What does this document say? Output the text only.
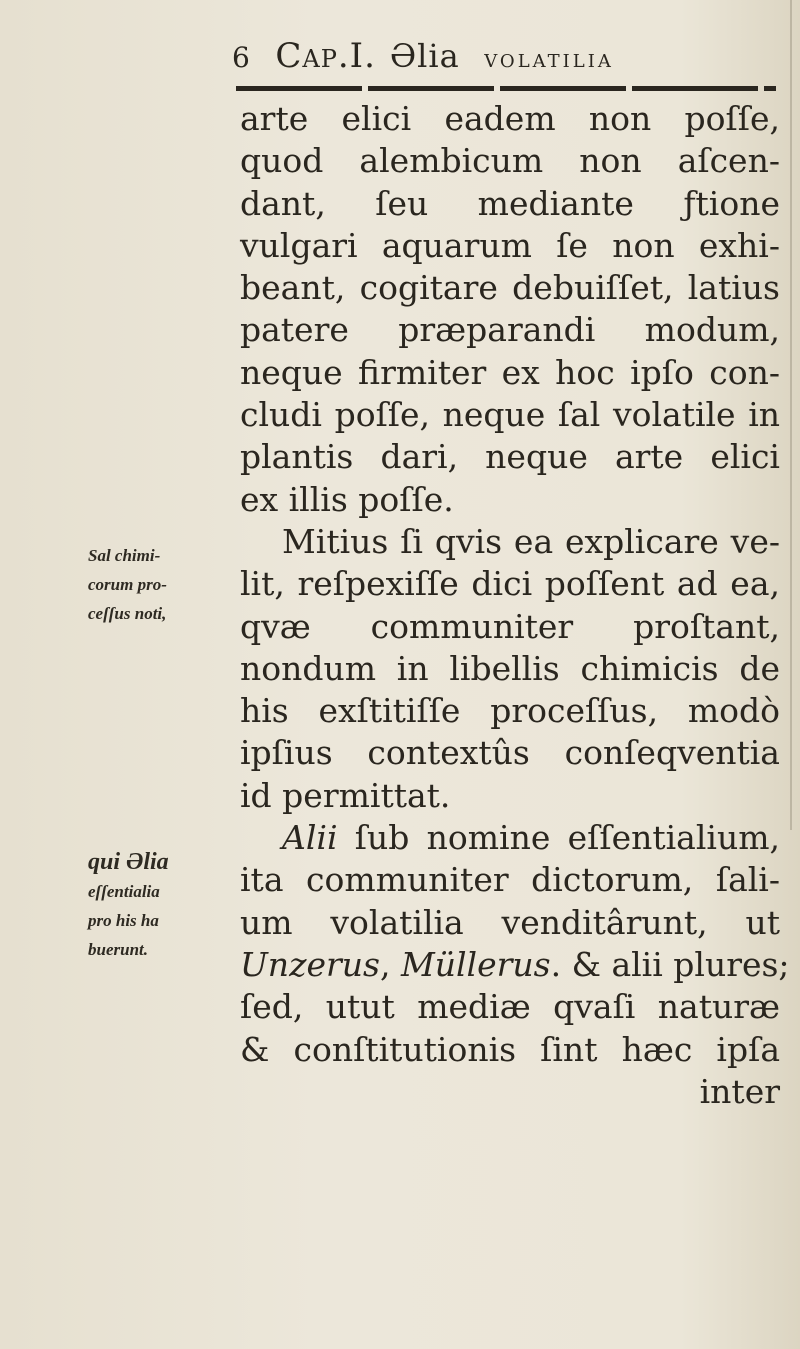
6 Cap.I. Əlia volatilia
arte elici eadem non poſſe,
quod alembicum non aſcen-
dant, ſeu mediante ƒtione
vulgari aquarum ſe non exhi-
beant, cogitare debuiſſet, latius
patere præparandi modum,
neque firmiter ex hoc ipſo con-
cludi poſſe, neque ſal volatile in
plantis dari, neque arte elici
ex illis poſſe.
Mitius ſi qvis ea explicare ve-
lit, reſpexiſſe dici poſſent ad ea,
qvæ communiter proſtant,
nondum in libellis chimicis de
his exſtitiſſe proceſſus, modò
ipſius contextûs conſeqventia
id permittat.
Alii ſub nomine eſſentialium,
ita communiter dictorum, ſali-
um volatilia venditârunt, ut
Unzerus, Müllerus. & alii plures;
ſed, utut mediæ qvaſi naturæ
& conſtitutionis ſint hæc ipſa
inter
Sal chimi-
corum pro-
ceſſus noti,
qui Əlia
eſſentialia
pro his ha
buerunt.
